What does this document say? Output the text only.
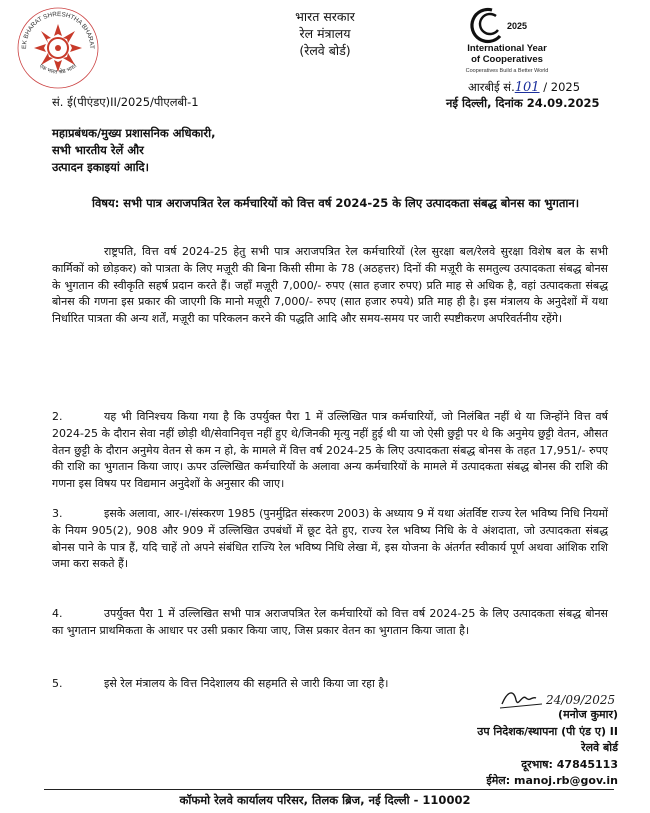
EK BHARAT SHRESHTHA BHARAT
एक भारत श्रेष्ठ भारत
भारत सरकार
रेल मंत्रालय
(रेलवे बोर्ड)
2025
International Year
of Cooperatives
Cooperatives Build a Better World
सं. ई(पीएंडए)II/2025/पीएलबी-1
आरबीई सं.101 / 2025
नई दिल्ली, दिनांक 24.09.2025
महाप्रबंधक/मुख्य प्रशासनिक अधिकारी,
सभी भारतीय रेलें और
उत्पादन इकाइयां आदि।
विषय: सभी पात्र अराजपत्रित रेल कर्मचारियों को वित्त वर्ष 2024-25 के लिए उत्पादकता संबद्ध बोनस का भुगतान।
राष्ट्रपति, वित्त वर्ष 2024-25 हेतु सभी पात्र अराजपत्रित रेल कर्मचारियों (रेल सुरक्षा बल/रेलवे सुरक्षा विशेष बल के सभी कार्मिकों को छोड़कर) को पात्रता के लिए मज़ूरी की बिना किसी सीमा के 78 (अठहत्तर) दिनों की मज़ूरी के समतुल्य उत्पादकता संबद्ध बोनस के भुगतान की स्वीकृति सहर्ष प्रदान करते हैं। जहाँ मज़ूरी 7,000/- रुपए (सात हजार रुपए) प्रति माह से अधिक है, वहां उत्पादकता संबद्ध बोनस की गणना इस प्रकार की जाएगी कि मानो मज़ूरी 7,000/- रुपए (सात हजार रुपये) प्रति माह ही है। इस मंत्रालय के अनुदेशों में यथा निर्धारित पात्रता की अन्य शर्तें, मज़ूरी का परिकलन करने की पद्धति आदि और समय-समय पर जारी स्पष्टीकरण अपरिवर्तनीय रहेंगे।
2.	यह भी विनिश्चय किया गया है कि उपर्युक्त पैरा 1 में उल्लिखित पात्र कर्मचारियों, जो निलंबित नहीं थे या जिन्होंने वित्त वर्ष 2024-25 के दौरान सेवा नहीं छोड़ी थी/सेवानिवृत्त नहीं हुए थे/जिनकी मृत्यु नहीं हुई थी या जो ऐसी छुट्टी पर थे कि अनुमेय छुट्टी वेतन, औसत वेतन छुट्टी के दौरान अनुमेय वेतन से कम न हो, के मामले में वित्त वर्ष 2024-25 के लिए उत्पादकता संबद्ध बोनस के तहत 17,951/- रुपए की राशि का भुगतान किया जाए। ऊपर उल्लिखित कर्मचारियों के अलावा अन्य कर्मचारियों के मामले में उत्पादकता संबद्ध बोनस की राशि की गणना इस विषय पर विद्यमान अनुदेशों के अनुसार की जाए।
3.	इसके अलावा, आर-।/संस्करण 1985 (पुनर्मुद्रित संस्करण 2003) के अध्याय 9 में यथा अंतर्विष्ट राज्य रेल भविष्य निधि नियमों के नियम 905(2), 908 और 909 में उल्लिखित उपबंधों में छूट देते हुए, राज्य रेल भविष्य निधि के वे अंशदाता, जो उत्पादकता संबद्ध बोनस पाने के पात्र हैं, यदि चाहें तो अपने संबंधित राज्यि रेल भविष्य निधि लेखा में, इस योजना के अंतर्गत स्वीकार्य पूर्ण अथवा आंशिक राशि जमा करा सकते हैं।
4.	उपर्युक्त पैरा 1 में उल्लिखित सभी पात्र अराजपत्रित रेल कर्मचारियों को वित्त वर्ष 2024-25 के लिए उत्पादकता संबद्ध बोनस का भुगतान प्राथमिकता के आधार पर उसी प्रकार किया जाए, जिस प्रकार वेतन का भुगतान किया जाता है।
5.	इसे रेल मंत्रालय के वित्त निदेशालय की सहमति से जारी किया जा रहा है।
24/09/2025
(मनोज कुमार)
उप निदेशक/स्थापना (पी एंड ए) II
रेलवे बोर्ड
दूरभाष: 47845113
ईमेल: manoj.rb@gov.in
कॉफमो रेलवे कार्यालय परिसर, तिलक ब्रिज, नई दिल्ली - 110002
